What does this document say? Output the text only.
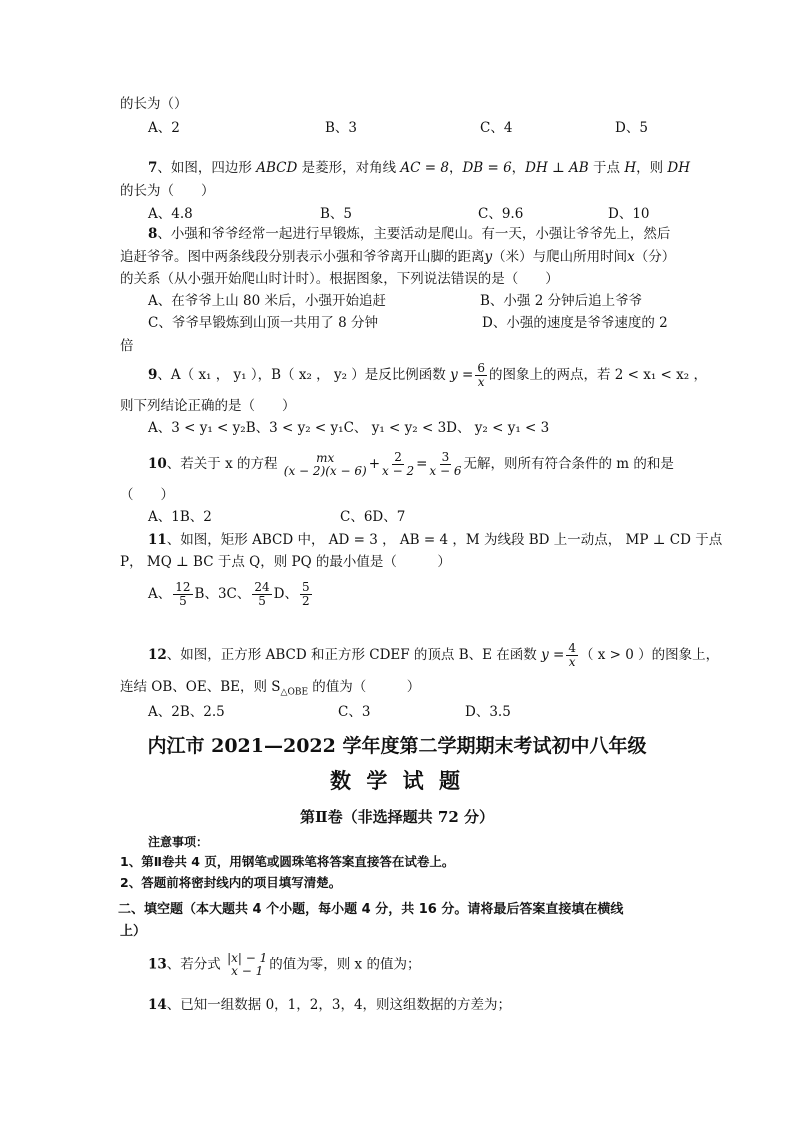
的长为（）
A、2	B、3	C、4	D、5
7、如图，四边形 ABCD 是菱形，对角线 AC = 8，DB = 6，DH ⊥ AB 于点 H，则 DH
的长为（　　）
A、4.8	B、5	C、9.6	D、10
8、小强和爷爷经常一起进行早锻炼，主要活动是爬山。有一天，小强让爷爷先上，然后
追赶爷爷。图中两条线段分别表示小强和爷爷离开山脚的距离y（米）与爬山所用时间x（分）
的关系（从小强开始爬山时计时）。根据图象，下列说法错误的是（　　）
A、在爷爷上山 80 米后，小强开始追赶	B、小强 2 分钟后追上爷爷
C、爷爷早锻炼到山顶一共用了 8 分钟	D、小强的速度是爷爷速度的 2
倍
9、A（ x₁ ， y₁ ），B（ x₂ ， y₂ ）是反比例函数 $y = \frac{6}{x}$ 的图象上的两点，若 2 < x₁ < x₂ ，
则下列结论正确的是（　　）
A、3 < y₁ < y₂B、3 < y₂ < y₁C、 y₁ < y₂ < 3D、 y₂ < y₁ < 3
10、若关于 x 的方程	mx
$(x - 2)(x - 6) + \frac{2}{x - 2} = \frac{3}{x - 6}$ 无解，则所有符合条件的 m 的和是
（　　）
A、1B、2	C、6D、7
11、如图，矩形 ABCD 中， AD = 3 ， AB = 4 ，M 为线段 BD 上一动点， MP ⊥ CD 于点
P， MQ ⊥ BC 于点 Q，则 PQ 的最小值是（　　　）
A、 $\frac{12}{5}$ B、3C、 $\frac{24}{5}$ D、 $\frac{5}{2}$
12、如图，正方形 ABCD 和正方形 CDEF 的顶点 B、E 在函数 $y = \frac{4}{x}$ （ x > 0 ）的图象上，
连结 OB、OE、BE，则 $S_{\triangle OBE}$ 的值为（　　　）
A、2B、2.5	C、3	D、3.5
内江市 2021—2022 学年度第二学期期末考试初中八年级
数 学 试 题
第Ⅱ卷（非选择题共 72 分）
注意事项：
1、第Ⅱ卷共 4 页，用钢笔或圆珠笔将答案直接答在试卷上。
2、答题前将密封线内的项目填写清楚。
二、填空题（本大题共 4 个小题，每小题 4 分，共 16 分。请将最后答案直接填在横线
上）
13、若分式 |x| − 1
x − 1 的值为零，则 x 的值为；
14、已知一组数据 0，1，2，3，4，则这组数据的方差为；
